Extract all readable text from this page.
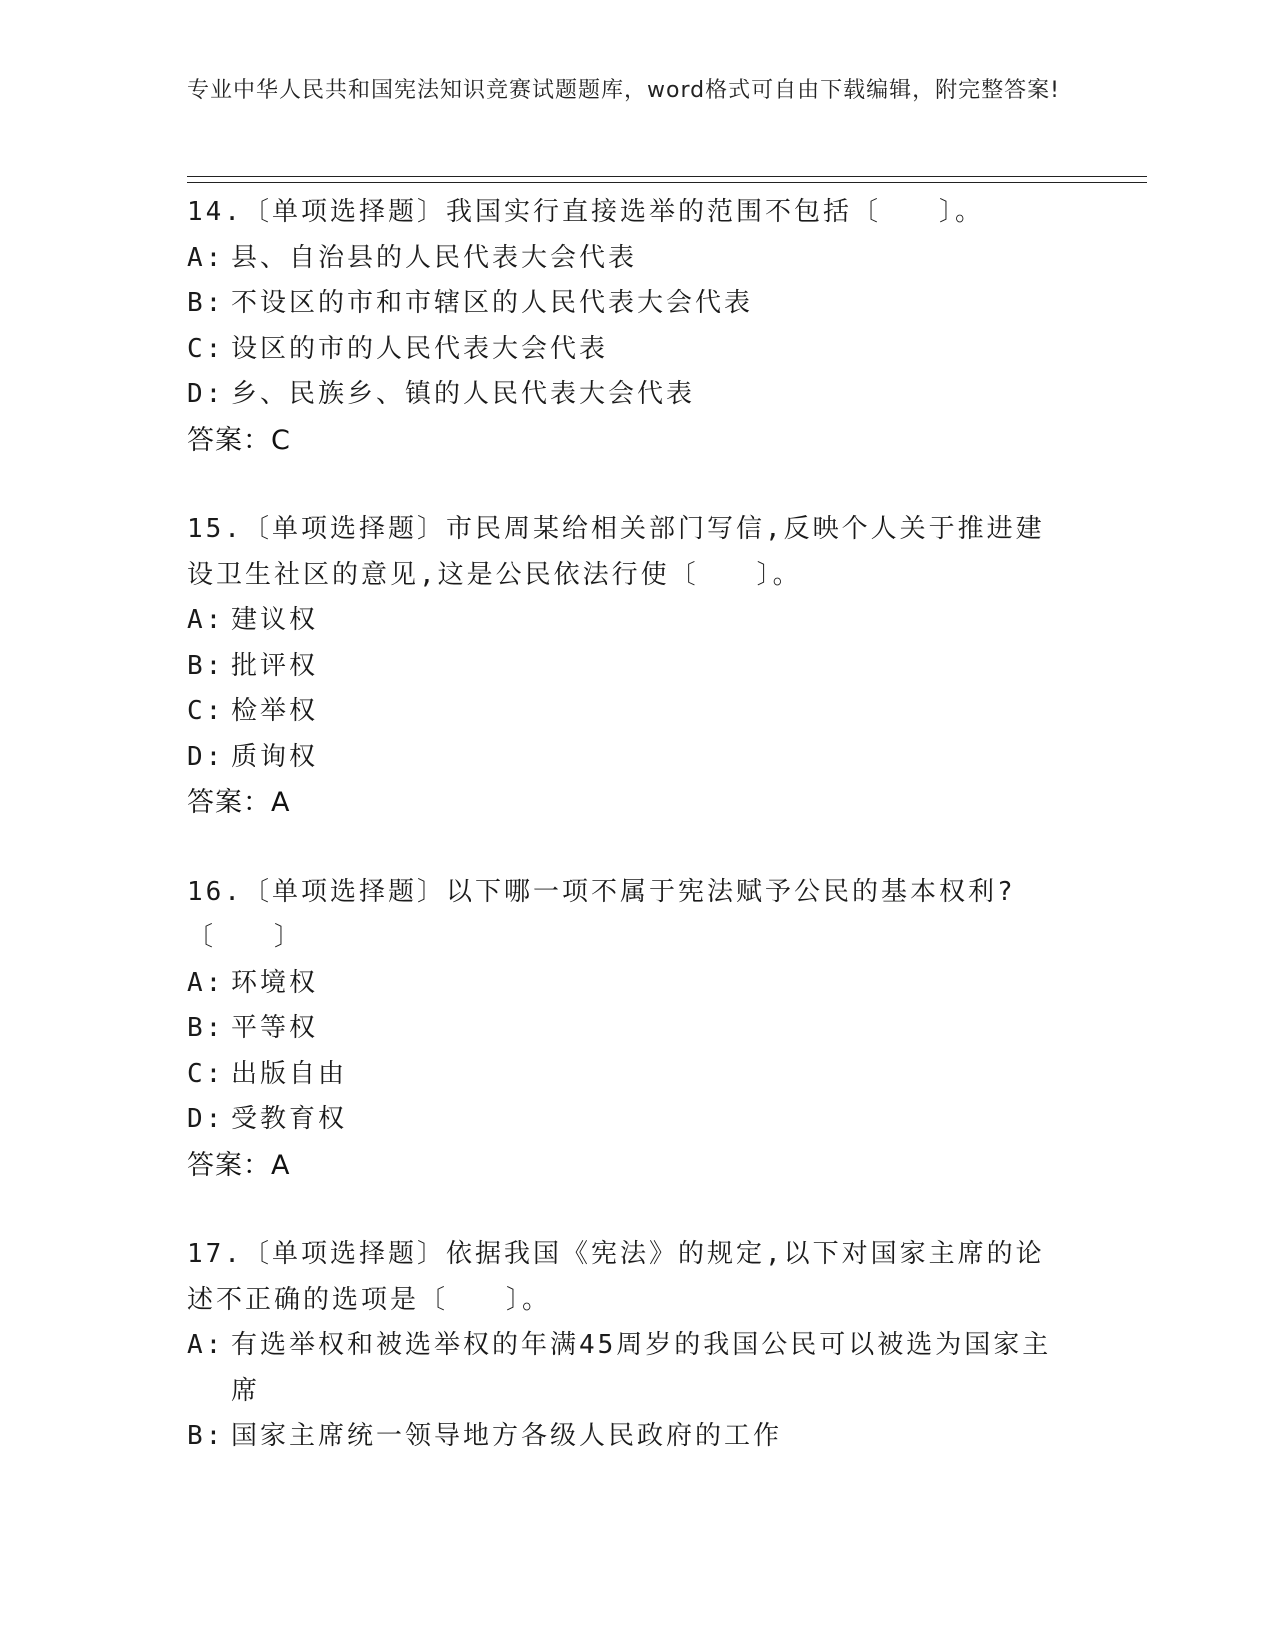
专业中华人民共和国宪法知识竞赛试题题库，word格式可自由下载编辑，附完整答案!
14.〔单项选择题〕我国实行直接选举的范围不包括〔　　〕。
A: 县、自治县的人民代表大会代表
B: 不设区的市和市辖区的人民代表大会代表
C: 设区的市的人民代表大会代表
D: 乡、民族乡、镇的人民代表大会代表
答案：C
15.〔单项选择题〕市民周某给相关部门写信,反映个人关于推进建设卫生社区的意见,这是公民依法行使〔　　〕。
A: 建议权
B: 批评权
C: 检举权
D: 质询权
答案：A
16.〔单项选择题〕以下哪一项不属于宪法赋予公民的基本权利?〔　　〕
A: 环境权
B: 平等权
C: 出版自由
D: 受教育权
答案：A
17.〔单项选择题〕依据我国《宪法》的规定,以下对国家主席的论述不正确的选项是〔　　〕。
A: 有选举权和被选举权的年满45周岁的我国公民可以被选为国家主席
B: 国家主席统一领导地方各级人民政府的工作
